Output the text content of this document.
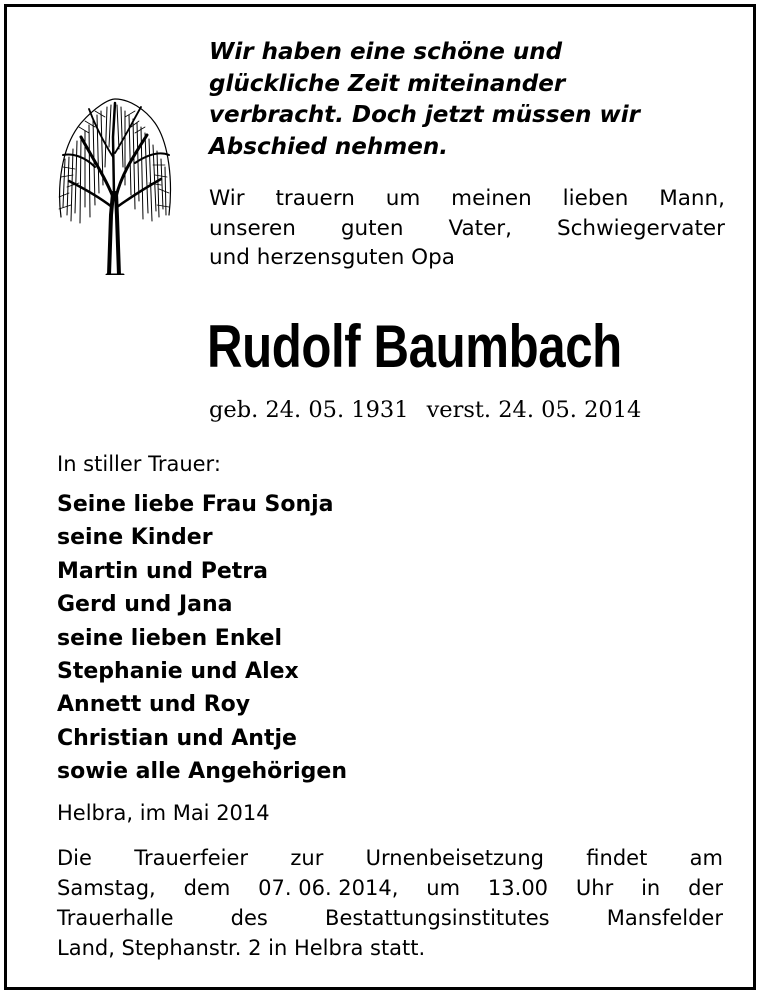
Wir haben eine schöne und
glückliche Zeit miteinander
verbracht. Doch jetzt müssen wir
Abschied nehmen.
Wir trauern um meinen lieben Mann,
unseren guten Vater, Schwiegervater
und herzensguten Opa
Rudolf Baumbach
geb. 24. 05. 1931 verst. 24. 05. 2014
In stiller Trauer:
Seine liebe Frau Sonja
seine Kinder
Martin und Petra
Gerd und Jana
seine lieben Enkel
Stephanie und Alex
Annett und Roy
Christian und Antje
sowie alle Angehörigen
Helbra, im Mai 2014
Die Trauerfeier zur Urnenbeisetzung findet am
Samstag, dem 07. 06. 2014, um 13.00 Uhr in der
Trauerhalle	des	Bestattungsinstitutes	Mansfelder
Land, Stephanstr. 2 in Helbra statt.
